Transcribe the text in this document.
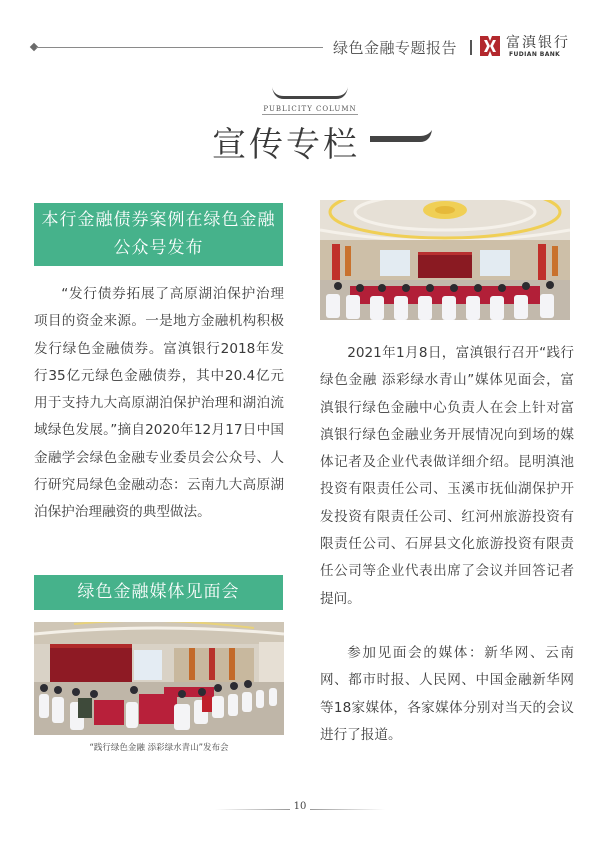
绿色金融专题报告	富滇银行
FUDIAN BANK
PUBLICITY COLUMN
宣传专栏
本行金融债券案例在绿色金融
公众号发布

“发行债券拓展了高原湖泊保护治理项目的资金来源。一是地方金融机构积极发行绿色金融债券。富滇银行2018年发行35亿元绿色金融债券，其中20.4亿元用于支持九大高原湖泊保护治理和湖泊流域绿色发展。”摘自2020年12月17日中国金融学会绿色金融专业委员会公众号、人行研究局绿色金融动态：云南九大高原湖泊保护治理融资的典型做法。

绿色金融媒体见面会
“践行绿色金融 添彩绿水青山”发布会

2021年1月8日，富滇银行召开“践行绿色金融 添彩绿水青山”媒体见面会，富滇银行绿色金融中心负责人在会上针对富滇银行绿色金融业务开展情况向到场的媒体记者及企业代表做详细介绍。昆明滇池投资有限责任公司、玉溪市抚仙湖保护开发投资有限责任公司、红河州旅游投资有限责任公司、石屏县文化旅游投资有限责任公司等企业代表出席了会议并回答记者提问。

参加见面会的媒体：新华网、云南网、都市时报、人民网、中国金融新华网等18家媒体，各家媒体分别对当天的会议进行了报道。

10
